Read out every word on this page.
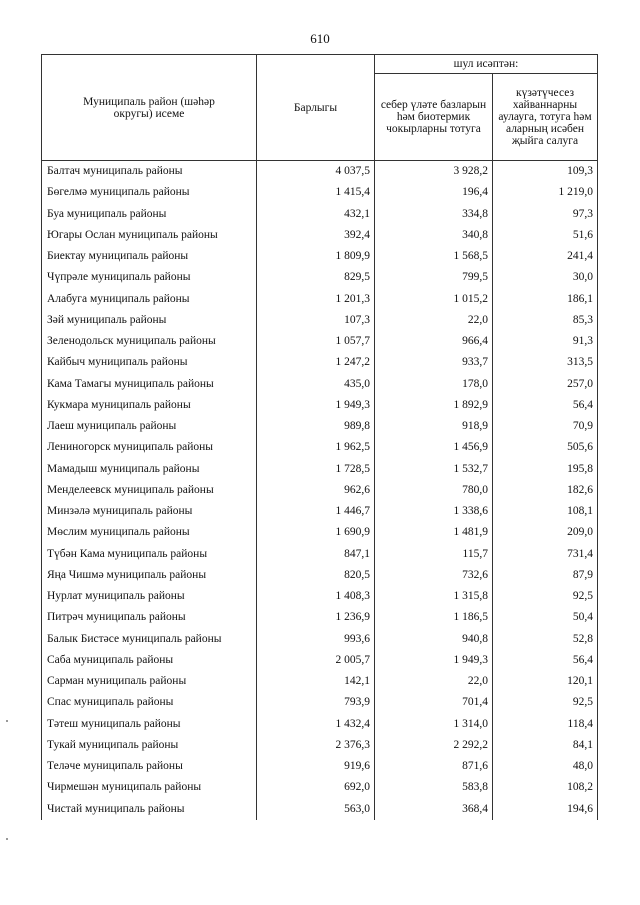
610
Муниципаль район (шәһәр округы) исеме	Барлыгы	шул исәптән:	
		себер үләте базларын һәм биотермик чокырларны тотуга	күзәтүчесез хайваннарны аулауга, тотуга һәм аларның исәбен җыйга салуга
Балтач муниципаль районы	4 037,5	3 928,2	109,3
Бөгелмә муниципаль районы	1 415,4	196,4	1 219,0
Буа муниципаль районы	432,1	334,8	97,3
Югары Ослан муниципаль районы	392,4	340,8	51,6
Биектау муниципаль районы	1 809,9	1 568,5	241,4
Чүпрәле муниципаль районы	829,5	799,5	30,0
Алабуга муниципаль районы	1 201,3	1 015,2	186,1
Зәй муниципаль районы	107,3	22,0	85,3
Зеленодольск муниципаль районы	1 057,7	966,4	91,3
Кайбыч муниципаль районы	1 247,2	933,7	313,5
Кама Тамагы муниципаль районы	435,0	178,0	257,0
Кукмара муниципаль районы	1 949,3	1 892,9	56,4
Лаеш муниципаль районы	989,8	918,9	70,9
Лениногорск муниципаль районы	1 962,5	1 456,9	505,6
Мамадыш муниципаль районы	1 728,5	1 532,7	195,8
Менделеевск муниципаль районы	962,6	780,0	182,6
Минзәлә муниципаль районы	1 446,7	1 338,6	108,1
Мөслим муниципаль районы	1 690,9	1 481,9	209,0
Түбән Кама муниципаль районы	847,1	115,7	731,4
Яңа Чишмә муниципаль районы	820,5	732,6	87,9
Нурлат муниципаль районы	1 408,3	1 315,8	92,5
Питрәч муниципаль районы	1 236,9	1 186,5	50,4
Балык Бистәсе муниципаль районы	993,6	940,8	52,8
Саба муниципаль районы	2 005,7	1 949,3	56,4
Сарман муниципаль районы	142,1	22,0	120,1
Спас муниципаль районы	793,9	701,4	92,5
Тәтеш муниципаль районы	1 432,4	1 314,0	118,4
Тукай муниципаль районы	2 376,3	2 292,2	84,1
Теләче муниципаль районы	919,6	871,6	48,0
Чирмешән муниципаль районы	692,0	583,8	108,2
Чистай муниципаль районы	563,0	368,4	194,6
